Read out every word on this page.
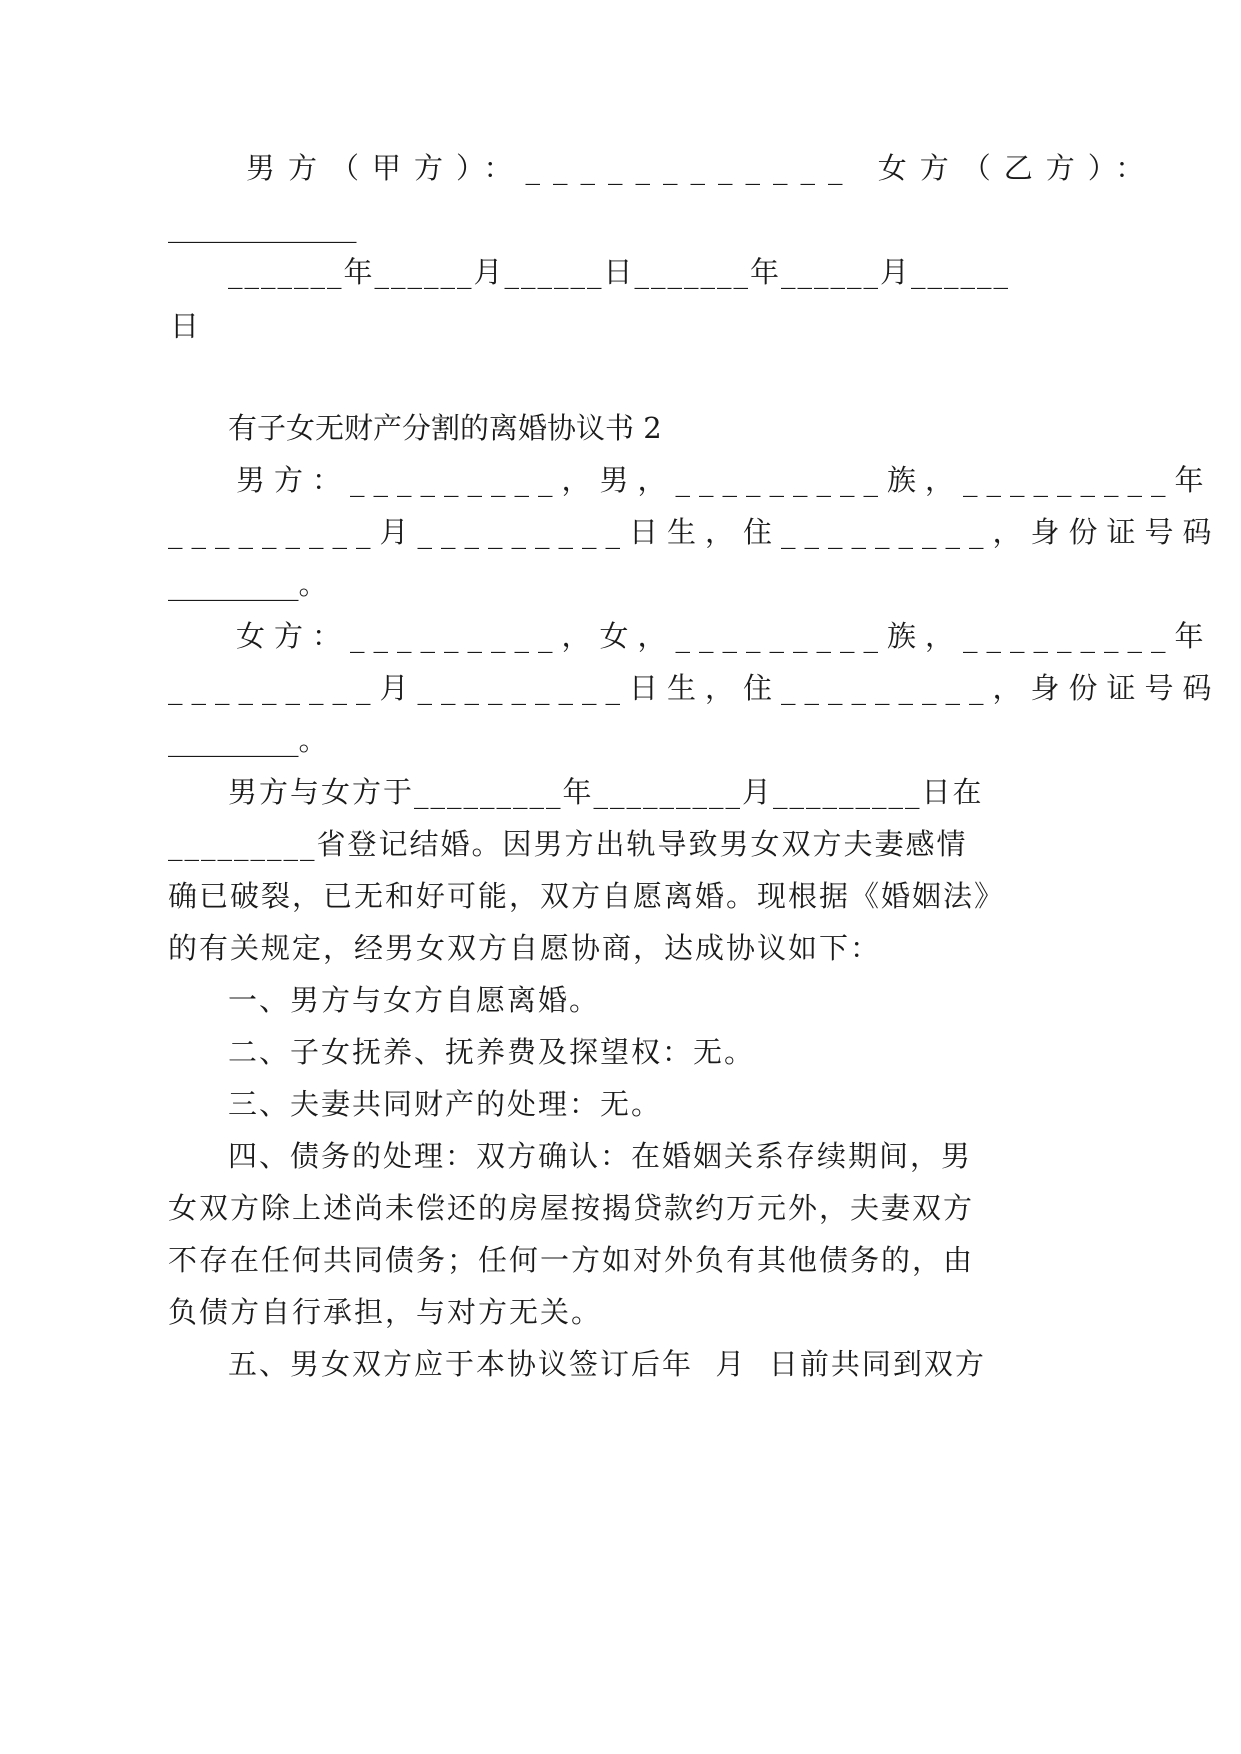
男方（甲方）：____________ 女方（乙方）：
_____________
_______年______月______日_______年______月______
日
有子女无财产分割的离婚协议书 2
男方：_________，男，_________族，_________年
_________月_________日生，住_________，身份证号码
_________。
女方：_________，女，_________族，_________年
_________月_________日生，住_________，身份证号码
_________。
男方与女方于_________年_________月_________日在
_________省登记结婚。因男方出轨导致男女双方夫妻感情
确已破裂，已无和好可能，双方自愿离婚。现根据《婚姻法》
的有关规定，经男女双方自愿协商，达成协议如下：
一、男方与女方自愿离婚。
二、子女抚养、抚养费及探望权：无。
三、夫妻共同财产的处理：无。
四、债务的处理：双方确认：在婚姻关系存续期间，男
女双方除上述尚未偿还的房屋按揭贷款约万元外，夫妻双方
不存在任何共同债务；任何一方如对外负有其他债务的，由
负债方自行承担，与对方无关。
五、男女双方应于本协议签订后年  月  日前共同到双方
